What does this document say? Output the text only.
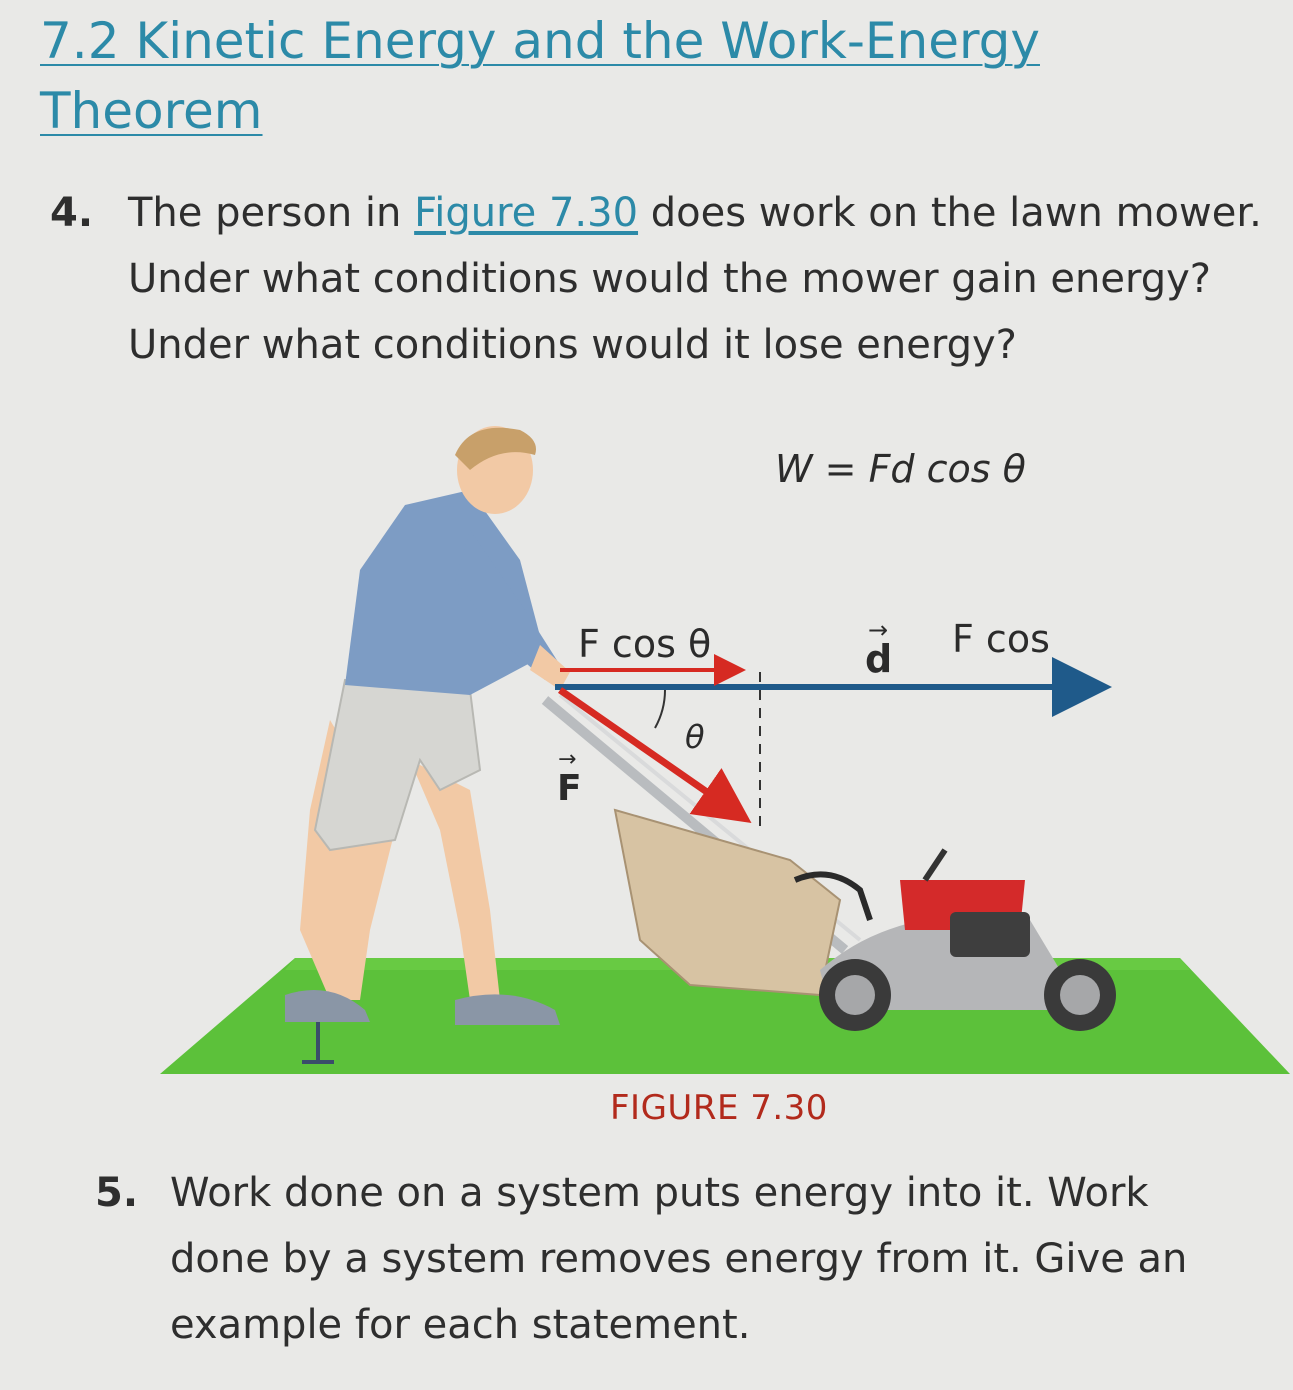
7.2 Kinetic Energy and the Work-Energy Theorem
4. The person in Figure 7.30 does work on the lawn mower. Under what conditions would the mower gain energy? Under what conditions would it lose energy?
W = Fd cos θ
F cos θ	d
→ F cos
θ
F
→
FIGURE 7.30
5. Work done on a system puts energy into it. Work done by a system removes energy from it. Give an example for each statement.
